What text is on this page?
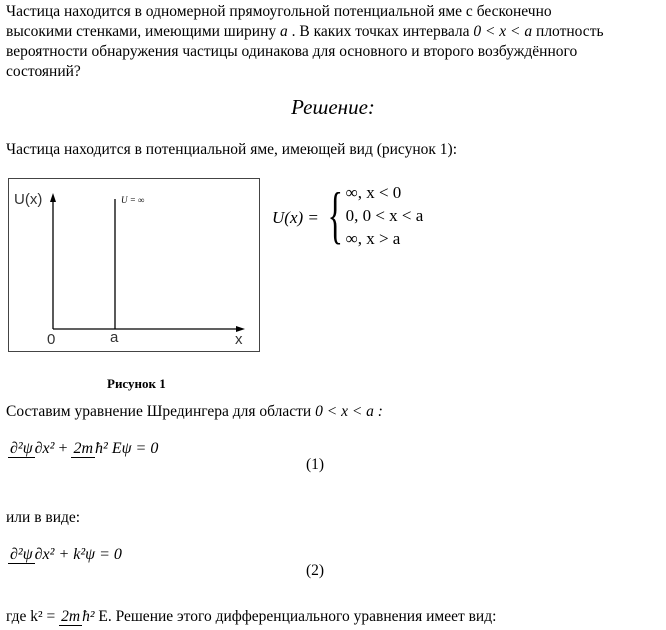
Частица находится в одномерной прямоугольной потенциальной яме с бесконечно
высокими стенками, имеющими ширину a . В каких точках интервала 0 < x < a плотность
вероятности обнаружения частицы одинакова для основного и второго возбуждённого
состояний?
Решение:
Частица находится в потенциальной яме, имеющей вид (рисунок 1):
U(x)	U = ∞
0	a	x
U(x) = { ∞, x < 0
0, 0 < x < a
∞, x > a
Рисунок 1
Составим уравнение Шредингера для области 0 < x < a :
∂²ψ ∂x² + 2m ħ² Eψ = 0
(1)
или в виде:
∂²ψ ∂x² + k²ψ = 0
(2)
где k² = 2m ħ² E. Решение этого дифференциального уравнения имеет вид:
